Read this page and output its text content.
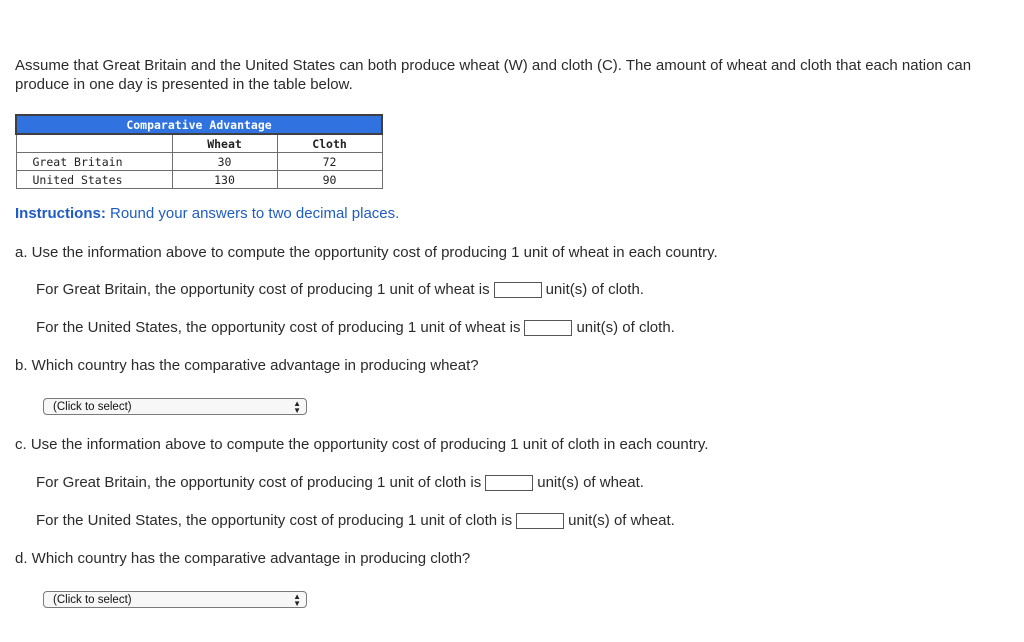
Assume that Great Britain and the United States can both produce wheat (W) and cloth (C). The amount of wheat and cloth that each nation can produce in one day is presented in the table below.
Comparative Advantage		
	Wheat	Cloth
Great Britain	30	72
United States	130	90
Instructions: Round your answers to two decimal places.
a. Use the information above to compute the opportunity cost of producing 1 unit of wheat in each country.
For Great Britain, the opportunity cost of producing 1 unit of wheat is	unit(s) of cloth.
For the United States, the opportunity cost of producing 1 unit of wheat is	unit(s) of cloth.
b. Which country has the comparative advantage in producing wheat?
(Click to select)	▲
▼
c. Use the information above to compute the opportunity cost of producing 1 unit of cloth in each country.
For Great Britain, the opportunity cost of producing 1 unit of cloth is	unit(s) of wheat.
For the United States, the opportunity cost of producing 1 unit of cloth is	unit(s) of wheat.
d. Which country has the comparative advantage in producing cloth?
(Click to select)	▲
▼
